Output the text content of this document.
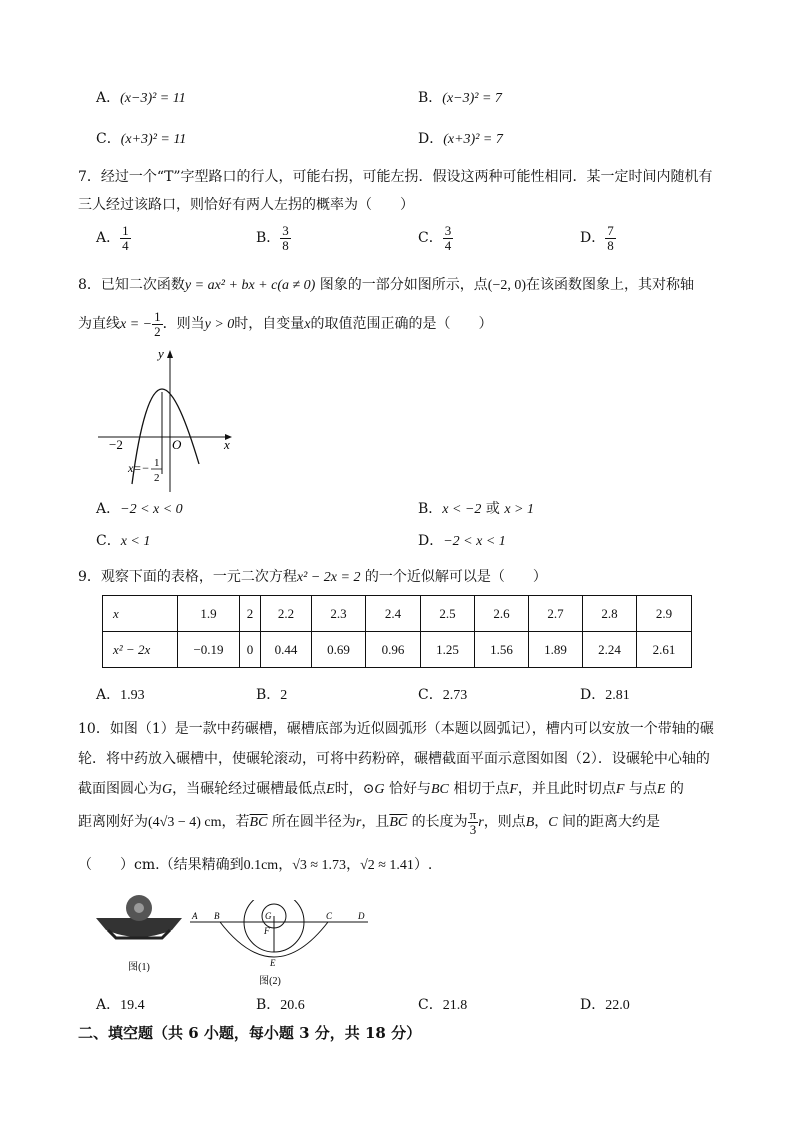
A．(x−3)² = 11	B．(x−3)² = 7
C．(x+3)² = 11	D．(x+3)² = 7
7．经过一个“T”字型路口的行人，可能右拐，可能左拐．假设这两种可能性相同．某一定时间内随机有
三人经过该路口，则恰好有两人左拐的概率为（　　）
A． $\frac{1}{4}$	B． $\frac{3}{8}$	C． $\frac{3}{4}$	D． $\frac{7}{8}$
8．已知二次函数y = ax² + bx + c(a ≠ 0) 图象的一部分如图所示，点(−2, 0)在该函数图象上，其对称轴
为直线x = − $\frac{1}{2}$ ．则当y > 0时，自变量x的取值范围正确的是（　　）
y
x
O
−2
x=− 1
2
A．−2 < x < 0	B．x < −2 或 x > 1
C．x < 1	D．−2 < x < 1
9．观察下面的表格，一元二次方程x² − 2x = 2 的一个近似解可以是（　　）
x	1.9	2	2.2	2.3	2.4	2.5	2.6	2.7	2.8	2.9
x² − 2x	−0.19	0	0.44	0.69	0.96	1.25	1.56	1.89	2.24	2.61
A．1.93	B．2	C．2.73	D．2.81
10．如图（1）是一款中药碾槽，碾槽底部为近似圆弧形（本题以圆弧记），槽内可以安放一个带轴的碾
轮．将中药放入碾槽中，使碾轮滚动，可将中药粉碎，碾槽截面平面示意图如图（2）．设碾轮中心轴的
截面图圆心为G，当碾轮经过碾槽最低点E时，⊙G 恰好与BC 相切于点F，并且此时切点F 与点E 的
距离刚好为(4√3 − 4) cm，若$\overline{BC}$ 所在圆半径为r，且$\overline{BC}$ 的长度为 $\frac{\pi}{3}$ r，则点B，C 间的距离大约是
（　　）cm.（结果精确到0.1cm，√3 ≈ 1.73，√2 ≈ 1.41）.
图(1)
A B	G
F
C	D
E
图(2)
A．19.4	B．20.6	C．21.8	D．22.0
二、填空题（共 6 小题，每小题 3 分，共 18 分）
